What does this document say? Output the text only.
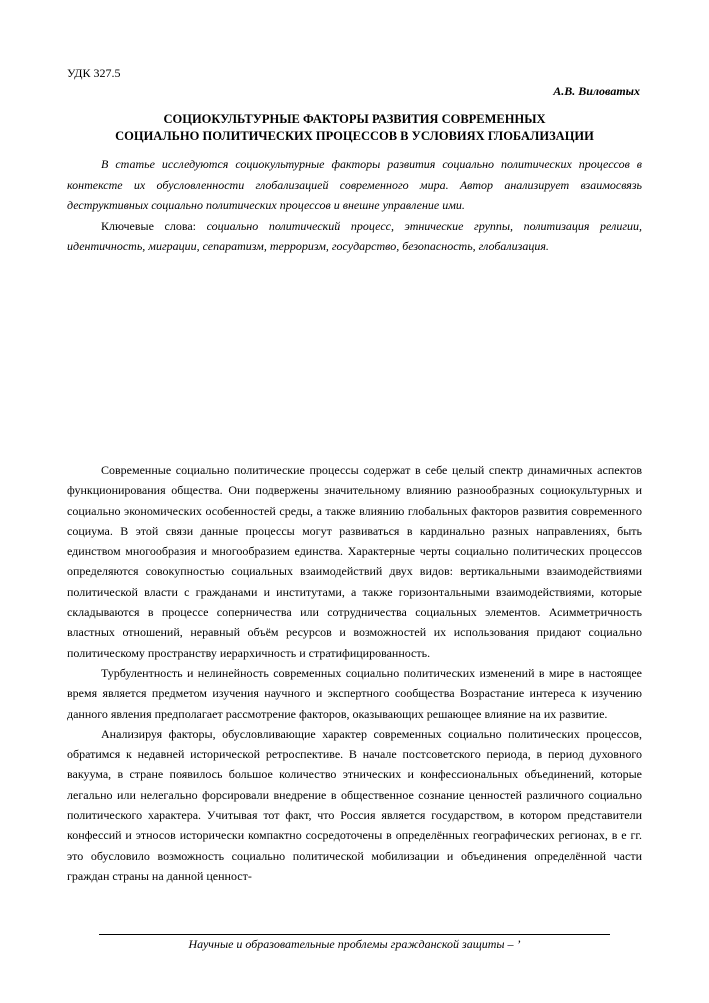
УДК 327.5
А.В. Виловатых
СОЦИОКУЛЬТУРНЫЕ ФАКТОРЫ РАЗВИТИЯ СОВРЕМЕННЫХ
СОЦИАЛЬНО ПОЛИТИЧЕСКИХ ПРОЦЕССОВ В УСЛОВИЯХ ГЛОБАЛИЗАЦИИ

В статье исследуются социокультурные факторы развития социально политических процессов в контексте их обусловленности глобализацией современного мира. Автор анализирует взаимосвязь деструктивных социально политических процессов и внешне управление ими.

Ключевые слова: социально политический процесс, этнические группы, политизация религии, идентичность, миграции, сепаратизм, терроризм, государство, безопасность, глобализация.

Современные социально политические процессы содержат в себе целый спектр динамичных аспектов функционирования общества. Они подвержены значительному влиянию разнообразных социокультурных и социально экономических особенностей среды, а также влиянию глобальных факторов развития современного социума. В этой связи данные процессы могут развиваться в кардинально разных направлениях, быть единством многообразия и многообразием единства. Характерные черты социально политических процессов определяются совокупностью социальных взаимодействий двух видов: вертикальными взаимодействиями политической власти с гражданами и институтами, а также горизонтальными взаимодействиями, которые складываются в процессе соперничества или сотрудничества социальных элементов. Асимметричность властных отношений, неравный объём ресурсов и возможностей их использования придают социально политическому пространству иерархичность и стратифицированность.

Турбулентность и нелинейность современных социально политических изменений в мире в настоящее время является предметом изучения научного и экспертного сообщества Возрастание интереса к изучению данного явления предполагает рассмотрение факторов, оказывающих решающее влияние на их развитие.

Анализируя факторы, обусловливающие характер современных социально политических процессов, обратимся к недавней исторической ретроспективе. В начале постсоветского периода, в период духовного вакуума, в стране появилось большое количество этнических и конфессиональных объединений, которые легально или нелегально форсировали внедрение в общественное сознание ценностей различного социально политического характера. Учитывая тот факт, что Россия является государством, в котором представители конфессий и этносов исторически компактно сосредоточены в определённых географических регионах, в е гг. это обусловило возможность социально политической мобилизации и объединения определённой части граждан страны на данной ценност-

Научные и образовательные проблемы гражданской защиты – ’
